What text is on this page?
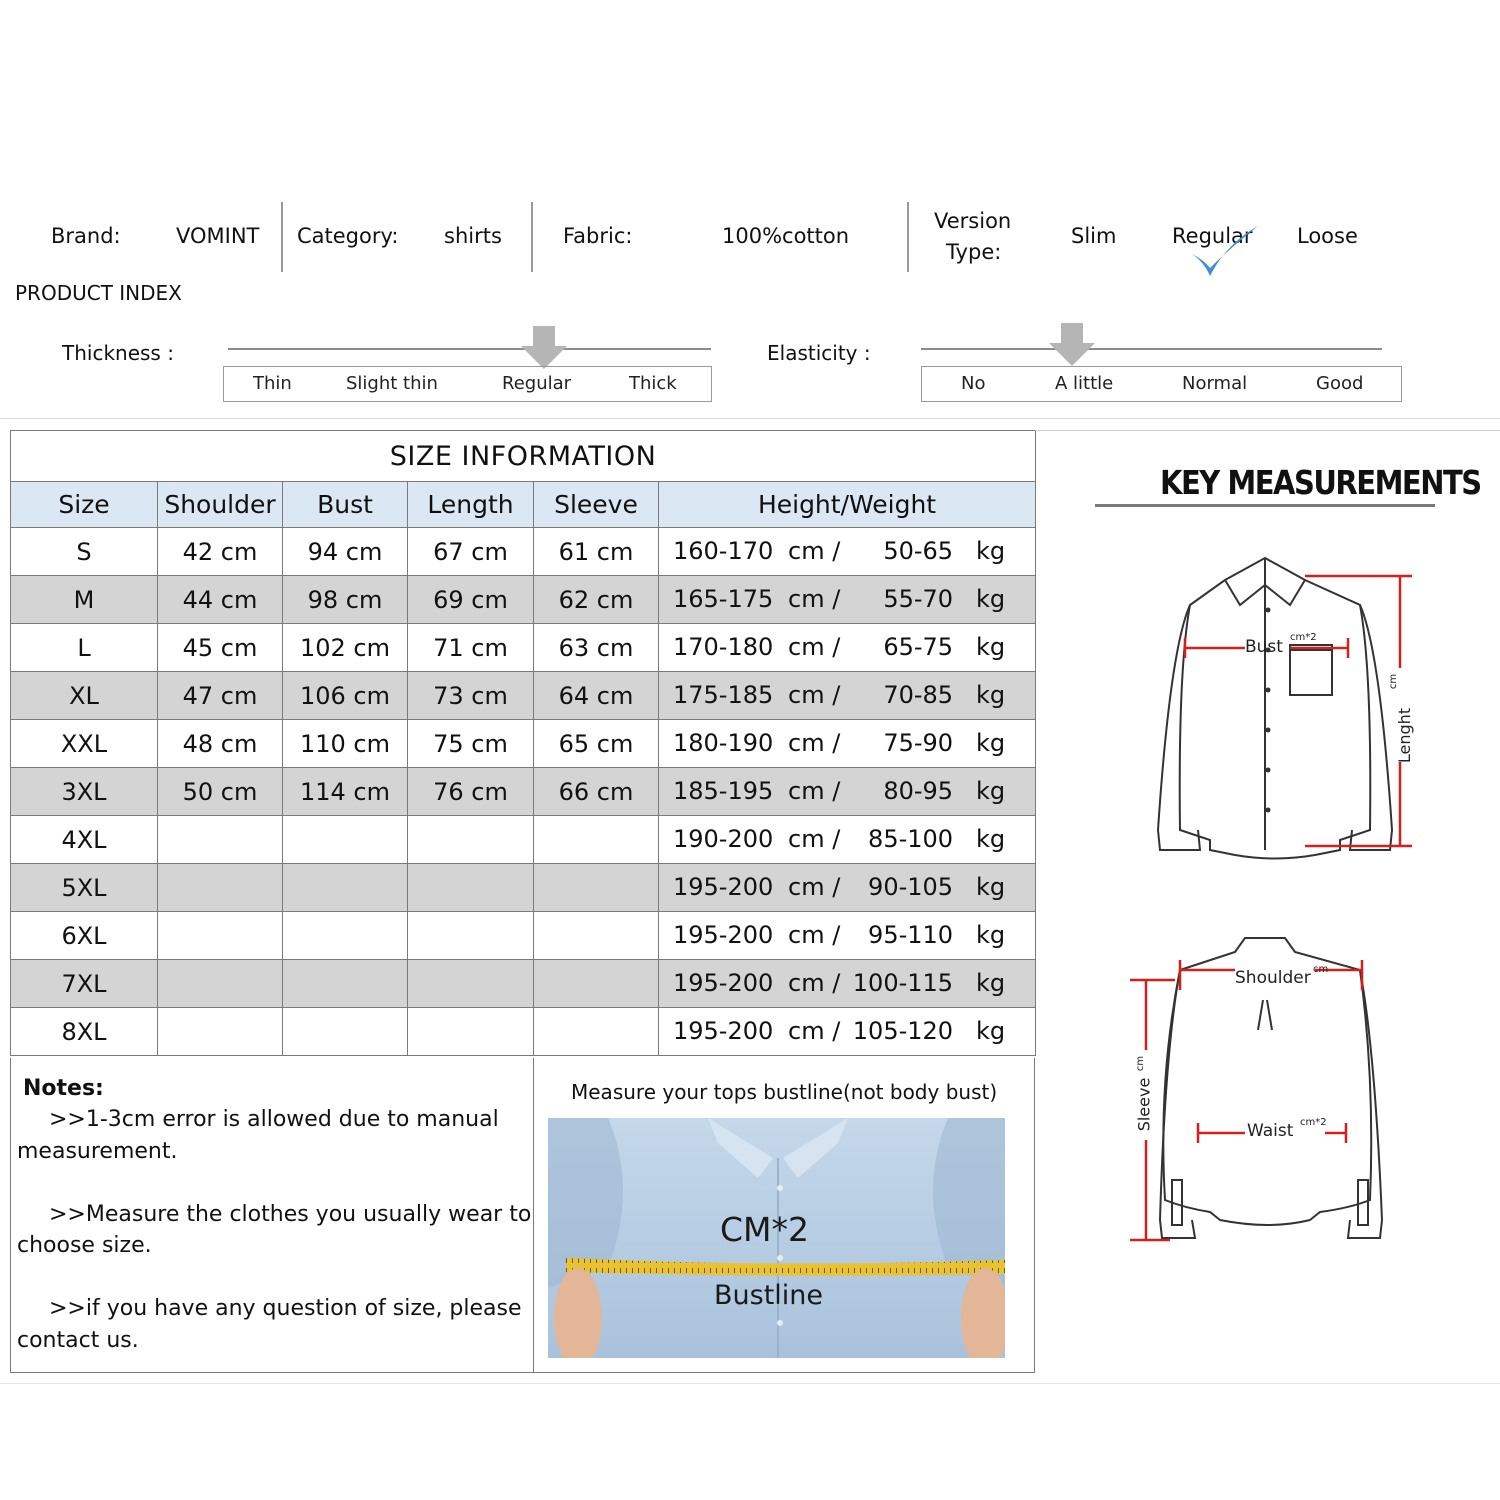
Brand:	VOMINT Category: shirts	Fabric:	100%cotton
Version
Type:
Slim	Regular Loose
PRODUCT INDEX
Thickness :
Thin	Slight thin	Regular	Thick
Elasticity :
No	A little	Normal	Good
SIZE INFORMATION					
Size	Shoulder	Bust	Length	Sleeve	Height/Weight
S	42 cm	94 cm	67 cm	61 cm	160-170 cm / 50-65 kg

M	44 cm	98 cm	69 cm	62 cm	165-175 cm / 55-70 kg

L	45 cm	102 cm	71 cm	63 cm	170-180 cm / 65-75 kg

XL	47 cm	106 cm	73 cm	64 cm	175-185 cm / 70-85 kg

XXL	48 cm	110 cm	75 cm	65 cm	180-190 cm / 75-90 kg

3XL	50 cm	114 cm	76 cm	66 cm	185-195 cm / 80-95 kg

4XL					190-200 cm / 85-100 kg

5XL					195-200 cm / 90-105 kg

6XL					195-200 cm / 95-110 kg

7XL					195-200 cm / 100-115 kg

8XL					195-200 cm / 105-120 kg
Notes:
>>1-3cm error is allowed due to manual
measurement.
>>Measure the clothes you usually wear to
choose size.
>>if you have any question of size, please
contact us.
Measure your tops bustline(not body bust)
CM*2
Bustline
KEY MEASUREMENTS
Bust cm*2
Lenght
cm
Shoulder cm
Waist cm*2
Sleeve
cm
